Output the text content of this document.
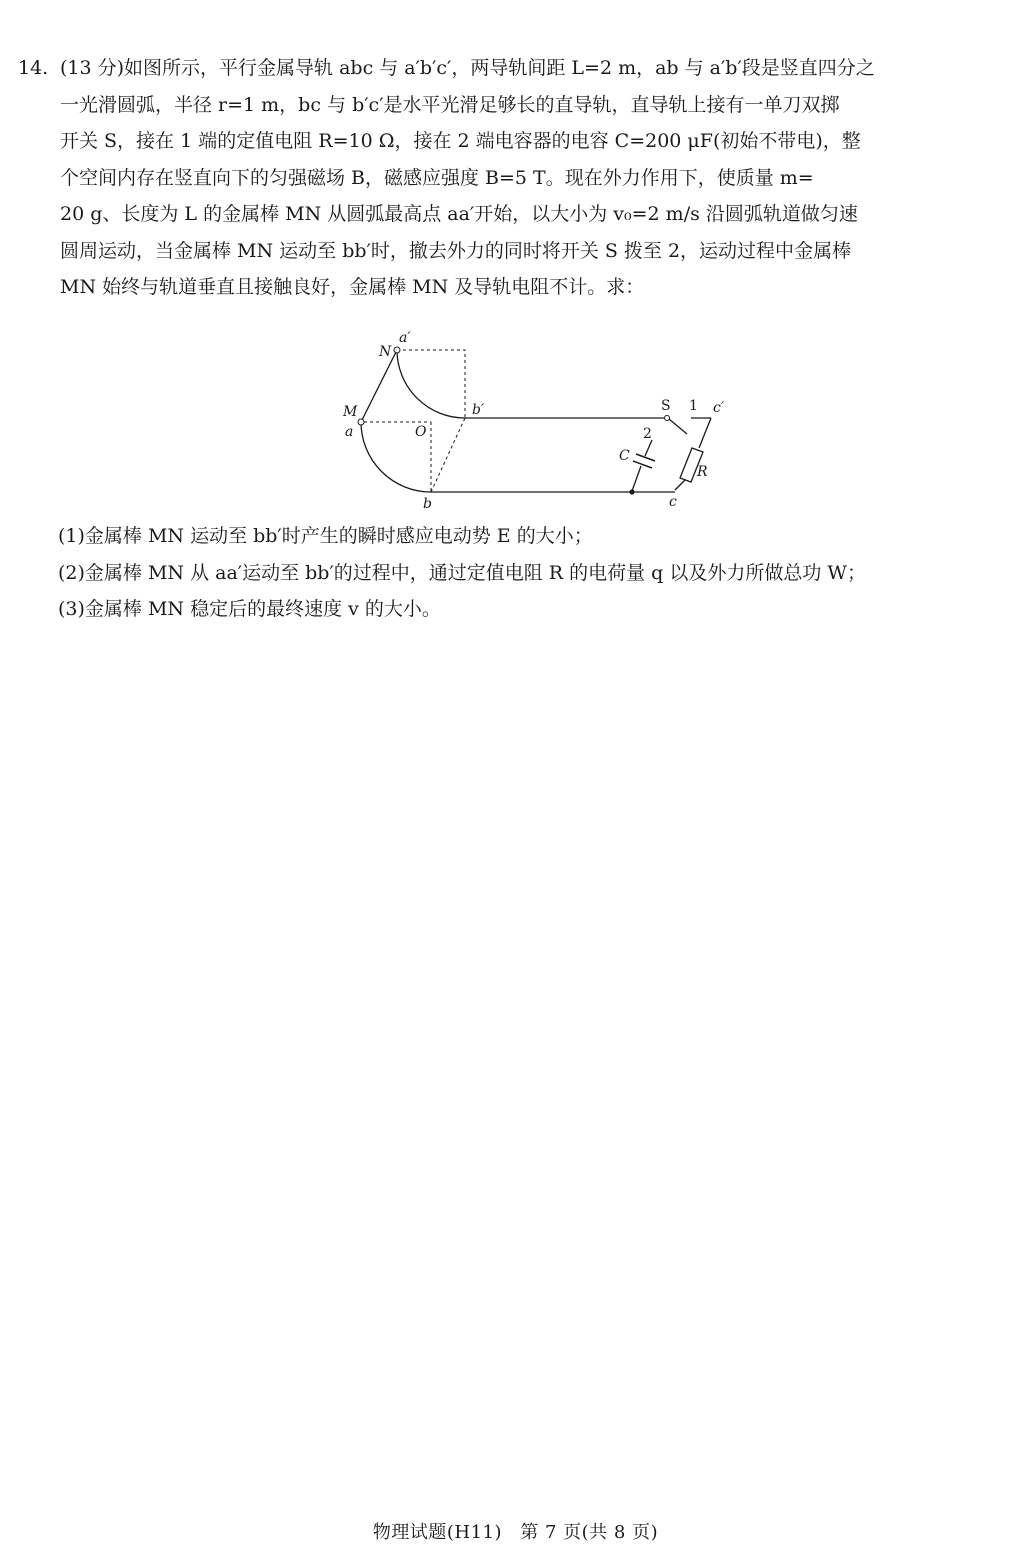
14. (13 分)如图所示，平行金属导轨 abc 与 a′b′c′，两导轨间距 L=2 m，ab 与 a′b′段是竖直四分之

一光滑圆弧，半径 r=1 m，bc 与 b′c′是水平光滑足够长的直导轨，直导轨上接有一单刀双掷

开关 S，接在 1 端的定值电阻 R=10 Ω，接在 2 端电容器的电容 C=200 μF(初始不带电)，整

个空间内存在竖直向下的匀强磁场 B，磁感应强度 B=5 T。现在外力作用下，使质量 m=

20 g、长度为 L 的金属棒 MN 从圆弧最高点 aa′开始，以大小为 v₀=2 m/s 沿圆弧轨道做匀速

圆周运动，当金属棒 MN 运动至 bb′时，撤去外力的同时将开关 S 拨至 2，运动过程中金属棒

MN 始终与轨道垂直且接触良好，金属棒 MN 及导轨电阻不计。求：

N
a′
M
a	O
b′
b
S 1 c′
2
C
R
c

(1)金属棒 MN 运动至 bb′时产生的瞬时感应电动势 E 的大小；

(2)金属棒 MN 从 aa′运动至 bb′的过程中，通过定值电阻 R 的电荷量 q 以及外力所做总功 W；

(3)金属棒 MN 稳定后的最终速度 v 的大小。

物理试题(H11) 第 7 页(共 8 页)
